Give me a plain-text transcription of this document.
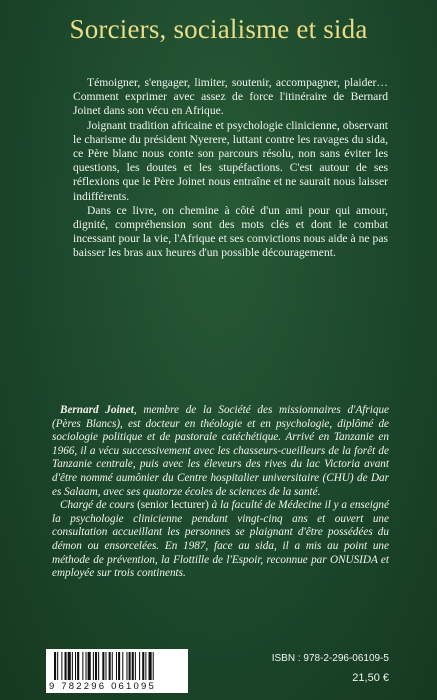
Sorciers, socialisme et sida

Témoigner, s'engager, limiter, soutenir, accompagner, plaider… Comment exprimer avec assez de force l'itinéraire de Bernard Joinet dans son vécu en Afrique.

Joignant tradition africaine et psychologie clinicienne, observant le charisme du président Nyerere, luttant contre les ravages du sida, ce Père blanc nous conte son parcours résolu, non sans éviter les questions, les doutes et les stupéfactions. C'est autour de ses réflexions que le Père Joinet nous entraîne et ne saurait nous laisser indifférents.

Dans ce livre, on chemine à côté d'un ami pour qui amour, dignité, compréhension sont des mots clés et dont le combat incessant pour la vie, l'Afrique et ses convictions nous aide à ne pas baisser les bras aux heures d'un possible découragement.

Bernard Joinet, membre de la Société des missionnaires d'Afrique (Pères Blancs), est docteur en théologie et en psychologie, diplômé de sociologie politique et de pastorale catéchétique. Arrivé en Tanzanie en 1966, il a vécu successivement avec les chasseurs-cueilleurs de la forêt de Tanzanie centrale, puis avec les éleveurs des rives du lac Victoria avant d'être nommé aumônier du Centre hospitalier universitaire (CHU) de Dar es Salaam, avec ses quatorze écoles de sciences de la santé.

Chargé de cours (senior lecturer) à la faculté de Médecine il y a enseigné la psychologie clinicienne pendant vingt-cinq ans et ouvert une consultation accueillant les personnes se plaignant d'être possédées du démon ou ensorcelées. En 1987, face au sida, il a mis au point une méthode de prévention, la Flottille de l'Espoir, reconnue par ONUSIDA et employée sur trois continents.

9 782296 061095
ISBN : 978-2-296-06109-5
21,50 €
